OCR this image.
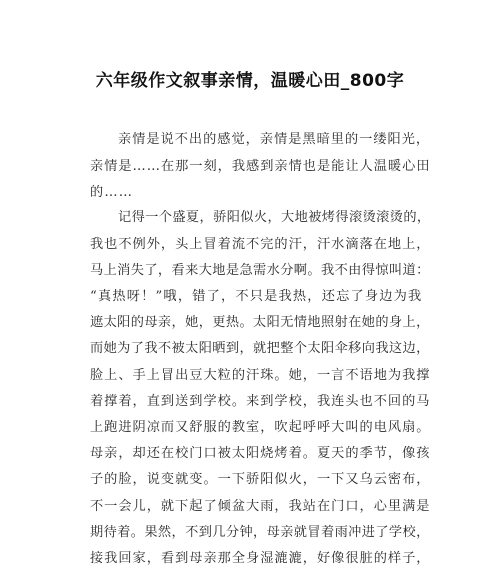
六年级作文叙事亲情，温暖心田_800字
亲情是说不出的感觉，亲情是黑暗里的一缕阳光，
亲情是……在那一刻，我感到亲情也是能让人温暖心田
的……
记得一个盛夏，骄阳似火，大地被烤得滚烫滚烫的，
我也不例外，头上冒着流不完的汗，汗水滴落在地上，
马上消失了，看来大地是急需水分啊。我不由得惊叫道：
“真热呀！”哦，错了，不只是我热，还忘了身边为我
遮太阳的母亲，她，更热。太阳无情地照射在她的身上，
而她为了我不被太阳晒到，就把整个太阳伞移向我这边，
脸上、手上冒出豆大粒的汗珠。她，一言不语地为我撑
着撑着，直到送到学校。来到学校，我连头也不回的马
上跑进阴凉而又舒服的教室，吹起呼呼大叫的电风扇。
母亲，却还在校门口被太阳烧烤着。夏天的季节，像孩
子的脸，说变就变。一下骄阳似火，一下又乌云密布，
不一会儿，就下起了倾盆大雨，我站在门口，心里满是
期待着。果然，不到几分钟，母亲就冒着雨冲进了学校，
接我回家，看到母亲那全身湿漉漉，好像很脏的样子，
